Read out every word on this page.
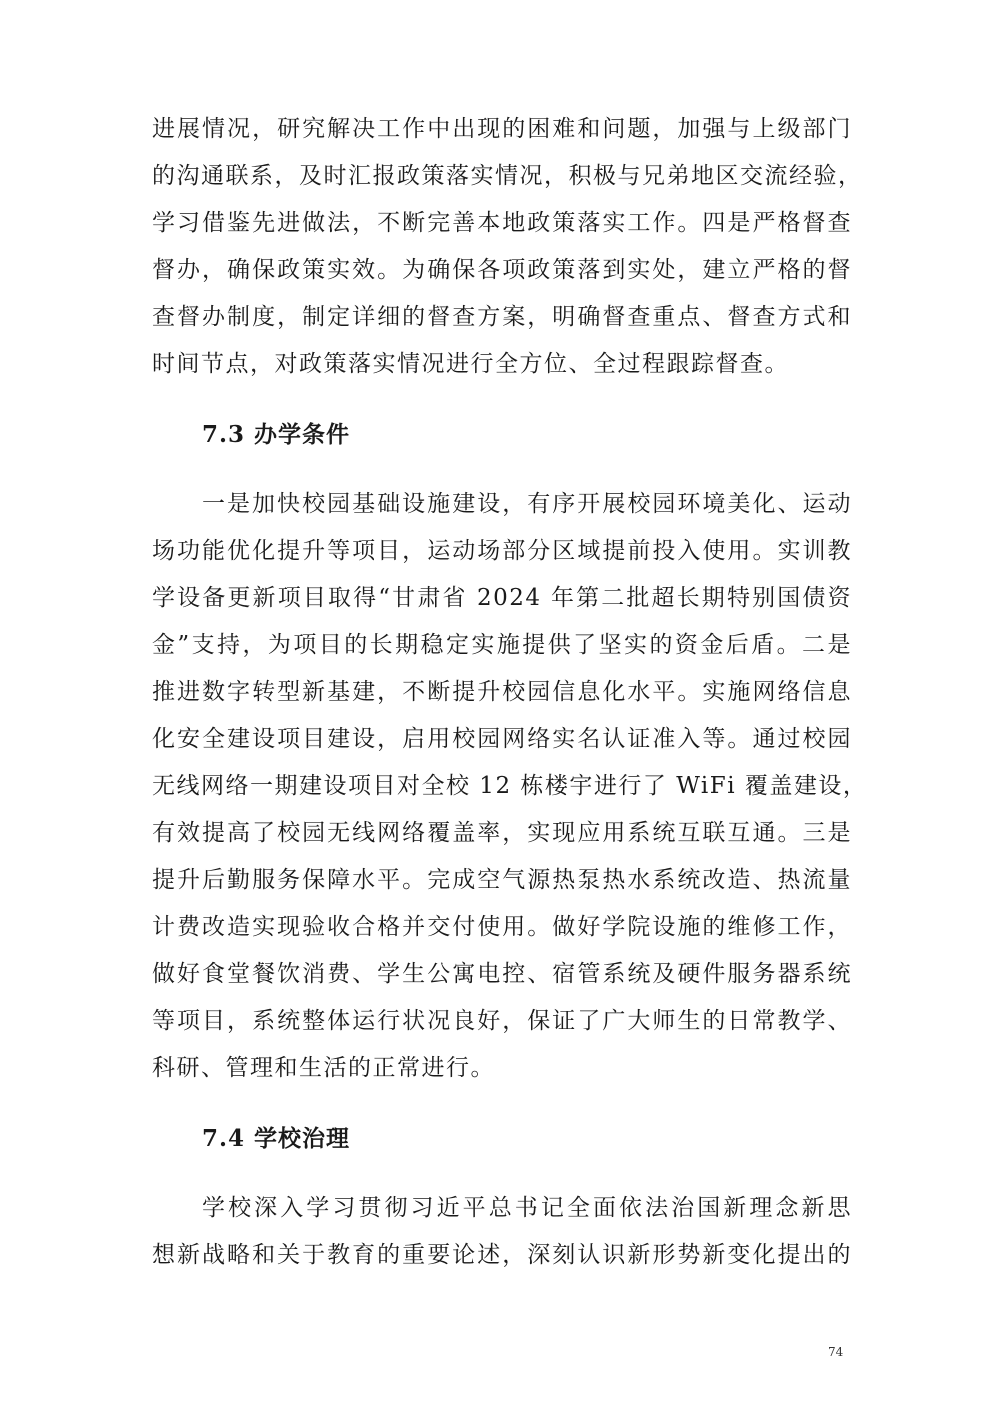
进展情况，研究解决工作中出现的困难和问题，加强与上级部门
的沟通联系，及时汇报政策落实情况，积极与兄弟地区交流经验，
学习借鉴先进做法，不断完善本地政策落实工作。四是严格督查
督办，确保政策实效。为确保各项政策落到实处，建立严格的督
查督办制度，制定详细的督查方案，明确督查重点、督查方式和
时间节点，对政策落实情况进行全方位、全过程跟踪督查。

7.3 办学条件

一是加快校园基础设施建设，有序开展校园环境美化、运动
场功能优化提升等项目，运动场部分区域提前投入使用。实训教
学设备更新项目取得“甘肃省 2024 年第二批超长期特别国债资
金”支持，为项目的长期稳定实施提供了坚实的资金后盾。二是
推进数字转型新基建，不断提升校园信息化水平。实施网络信息
化安全建设项目建设，启用校园网络实名认证准入等。通过校园
无线网络一期建设项目对全校 12 栋楼宇进行了 WiFi 覆盖建设，
有效提高了校园无线网络覆盖率，实现应用系统互联互通。三是
提升后勤服务保障水平。完成空气源热泵热水系统改造、热流量
计费改造实现验收合格并交付使用。做好学院设施的维修工作，
做好食堂餐饮消费、学生公寓电控、宿管系统及硬件服务器系统
等项目，系统整体运行状况良好，保证了广大师生的日常教学、
科研、管理和生活的正常进行。

7.4 学校治理

学校深入学习贯彻习近平总书记全面依法治国新理念新思
想新战略和关于教育的重要论述，深刻认识新形势新变化提出的

74
